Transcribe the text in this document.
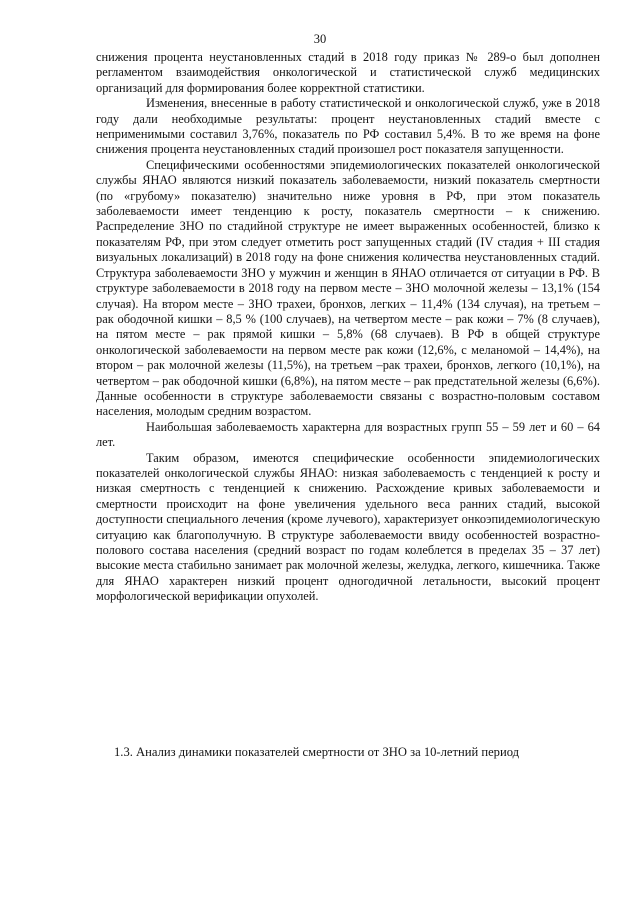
30

снижения процента неустановленных стадий в 2018 году приказ № 289-о был дополнен регламентом взаимодействия онкологической и статистической служб медицинских организаций для формирования более корректной статистики.

Изменения, внесенные в работу статистической и онкологической служб, уже в 2018 году дали необходимые результаты: процент неустановленных стадий вместе с неприменимыми составил 3,76%, показатель по РФ составил 5,4%. В то же время на фоне снижения процента неустановленных стадий произошел рост показателя запущенности.

Специфическими особенностями эпидемиологических показателей онкологической службы ЯНАО являются низкий показатель заболеваемости, низкий показатель смертности (по «грубому» показателю) значительно ниже уровня в РФ, при этом показатель заболеваемости имеет тенденцию к росту, показатель смертности – к снижению. Распределение ЗНО по стадийной структуре не имеет выраженных особенностей, близко к показателям РФ, при этом следует отметить рост запущенных стадий (IV стадия + III стадия визуальных локализаций) в 2018 году на фоне снижения количества неустановленных стадий. Структура заболеваемости ЗНО у мужчин и женщин в ЯНАО отличается от ситуации в РФ. В структуре заболеваемости в 2018 году на первом месте – ЗНО молочной железы – 13,1% (154 случая). На втором месте – ЗНО трахеи, бронхов, легких – 11,4% (134 случая), на третьем – рак ободочной кишки – 8,5 % (100 случаев), на четвертом месте – рак кожи – 7% (8 случаев), на пятом месте – рак прямой кишки – 5,8% (68 случаев). В РФ в общей структуре онкологической заболеваемости на первом месте рак кожи (12,6%, с меланомой – 14,4%), на втором – рак молочной железы (11,5%), на третьем –рак трахеи, бронхов, легкого (10,1%), на четвертом – рак ободочной кишки (6,8%), на пятом месте – рак предстательной железы (6,6%). Данные особенности в структуре заболеваемости связаны с возрастно-половым составом населения, молодым средним возрастом.

Наибольшая заболеваемость характерна для возрастных групп 55 – 59 лет и 60 – 64 лет.

Таким образом, имеются специфические особенности эпидемиологических показателей онкологической службы ЯНАО: низкая заболеваемость с тенденцией к росту и низкая смертность с тенденцией к снижению. Расхождение кривых заболеваемости и смертности происходит на фоне увеличения удельного веса ранних стадий, высокой доступности специального лечения (кроме лучевого), характеризует онкоэпидемиологическую ситуацию как благополучную. В структуре заболеваемости ввиду особенностей возрастно-полового состава населения (средний возраст по годам колеблется в пределах 35 – 37 лет) высокие места стабильно занимает рак молочной железы, желудка, легкого, кишечника. Также для ЯНАО характерен низкий процент одногодичной летальности, высокий процент морфологической верификации опухолей.

1.3. Анализ динамики показателей смертности от ЗНО за 10-летний период
